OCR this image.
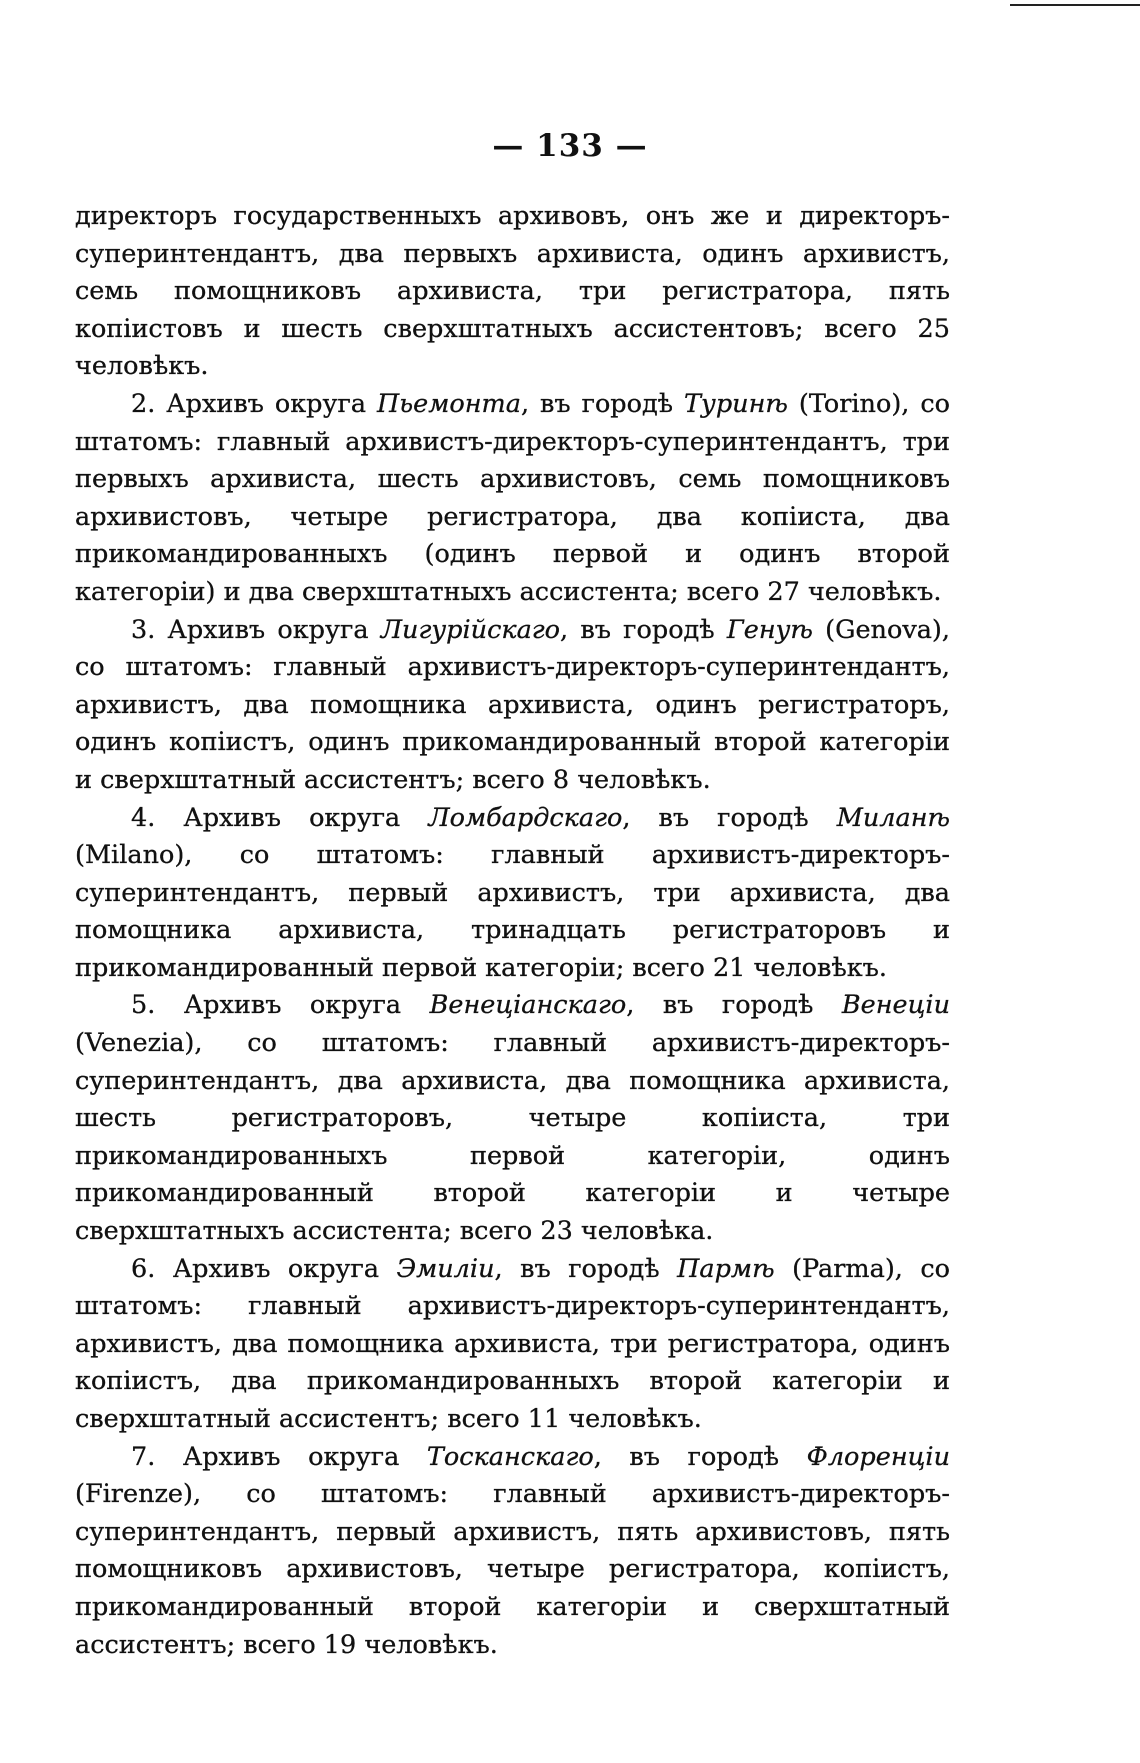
— 133 —

директоръ государственныхъ архивовъ, онъ же и директоръ-суперинтендантъ, два первыхъ архивиста, одинъ архивистъ, семь помощниковъ архивиста, три регистратора, пять копiистовъ и шесть сверхштатныхъ ассистентовъ; всего 25 человѣкъ.

2. Архивъ округа Пьемонта, въ городѣ Туринѣ (Torino), со штатомъ: главный архивистъ-директоръ-суперинтендантъ, три первыхъ архивиста, шесть архивистовъ, семь помощниковъ архивистовъ, четыре регистратора, два копiиста, два прикомандированныхъ (одинъ первой и одинъ второй категорiи) и два сверхштатныхъ ассистента; всего 27 человѣкъ.

3. Архивъ округа Лигурiйскаго, въ городѣ Генуѣ (Genova), со штатомъ: главный архивистъ-директоръ-суперинтендантъ, архивистъ, два помощника архивиста, одинъ регистраторъ, одинъ копiистъ, одинъ прикомандированный второй категорiи и сверхштатный ассистентъ; всего 8 человѣкъ.

4. Архивъ округа Ломбардскаго, въ городѣ Миланѣ (Milano), со штатомъ: главный архивистъ-директоръ-суперинтендантъ, первый архивистъ, три архивиста, два помощника архивиста, тринадцать регистраторовъ и прикомандированный первой категорiи; всего 21 человѣкъ.

5. Архивъ округа Венецiанскаго, въ городѣ Венецiи (Venezia), со штатомъ: главный архивистъ-директоръ-суперинтендантъ, два архивиста, два помощника архивиста, шесть регистраторовъ, четыре копiиста, три прикомандированныхъ первой категорiи, одинъ прикомандированный второй категорiи и четыре сверхштатныхъ ассистента; всего 23 человѣка.

6. Архивъ округа Эмилiи, въ городѣ Пармѣ (Parma), со штатомъ: главный архивистъ-директоръ-суперинтендантъ, архивистъ, два помощника архивиста, три регистратора, одинъ копiистъ, два прикомандированныхъ второй категорiи и сверхштатный ассистентъ; всего 11 человѣкъ.

7. Архивъ округа Тосканскаго, въ городѣ Флоренцiи (Firenze), со штатомъ: главный архивистъ-директоръ-суперинтендантъ, первый архивистъ, пять архивистовъ, пять помощниковъ архивистовъ, четыре регистратора, копiистъ, прикомандированный второй категорiи и сверхштатный ассистентъ; всего 19 человѣкъ.
